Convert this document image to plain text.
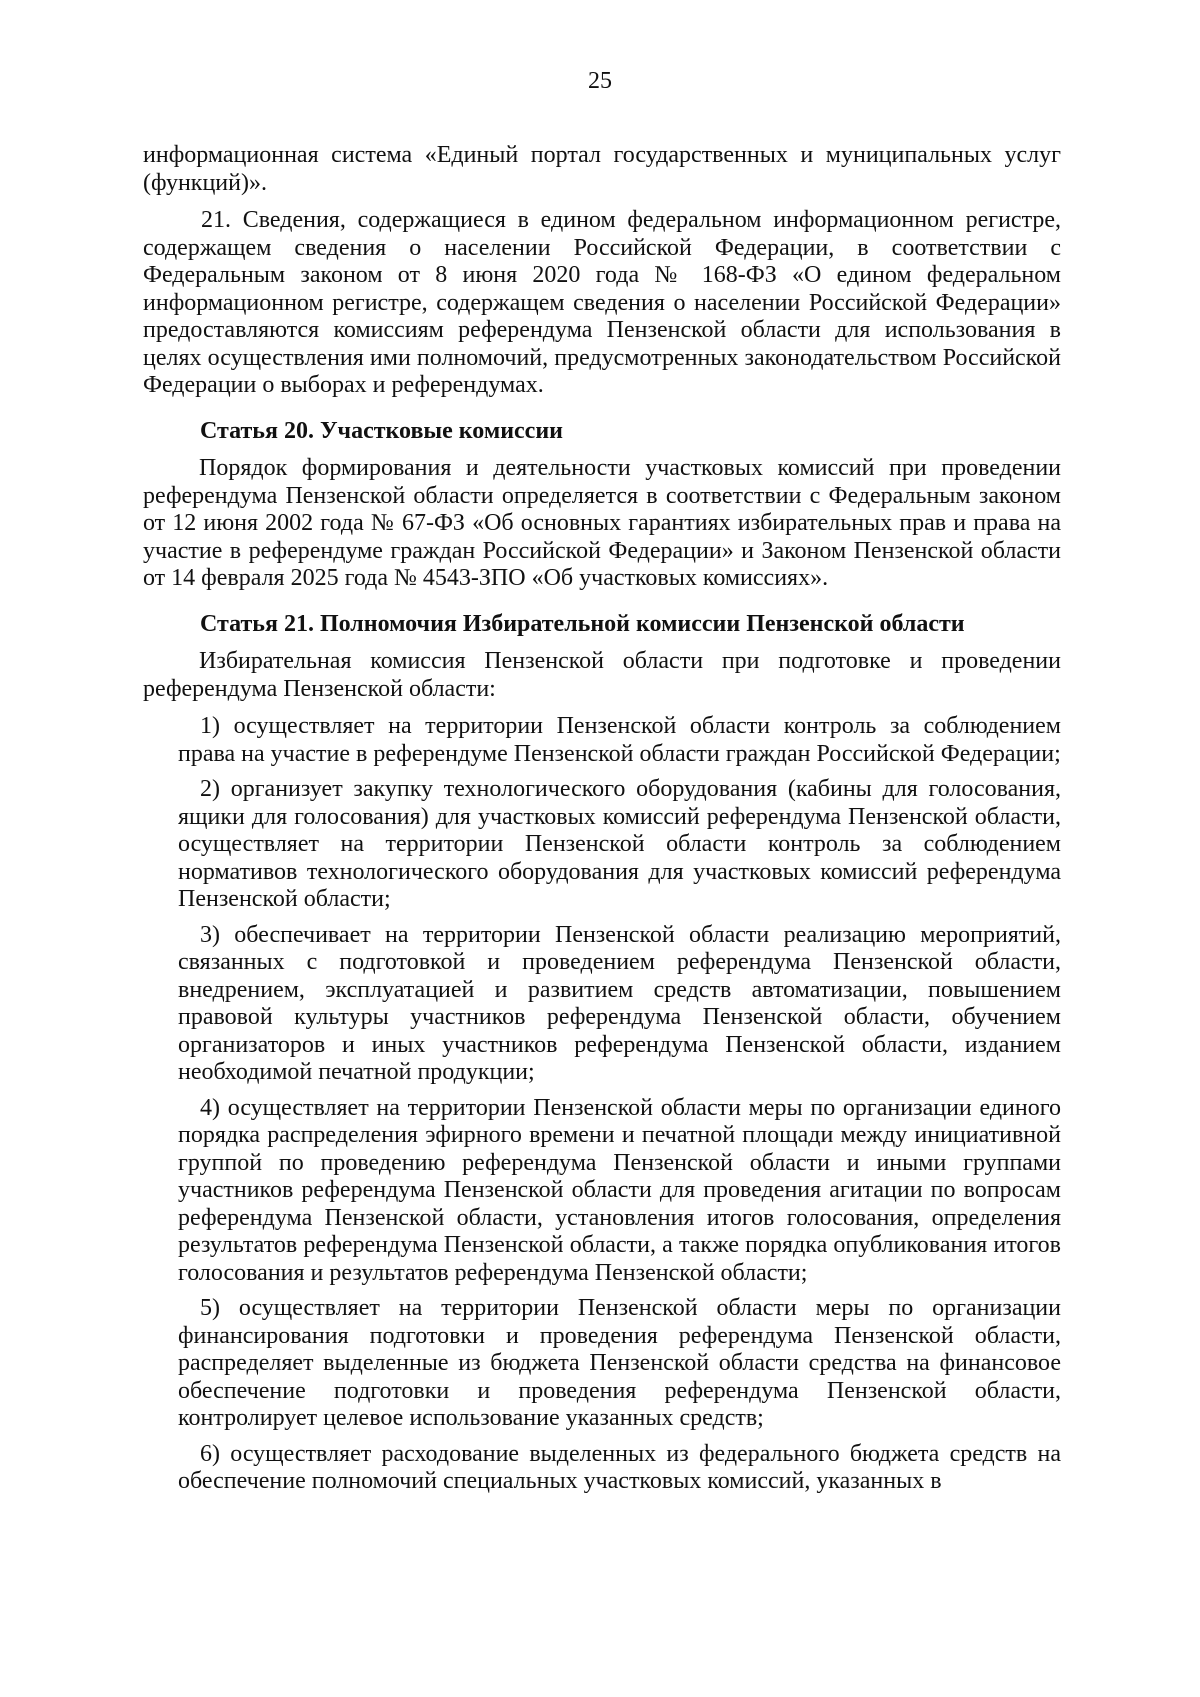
25

информационная система «Единый портал государственных и муниципальных услуг (функций)».

21. Сведения, содержащиеся в едином федеральном информационном регистре, содержащем сведения о населении Российской Федерации, в соответствии с Федеральным законом от 8 июня 2020 года № 168-ФЗ «О едином федеральном информационном регистре, содержащем сведения о населении Российской Федерации» предоставляются комиссиям референдума Пензенской области для использования в целях осуществления ими полномочий, предусмотренных законодательством Российской Федерации о выборах и референдумах.

Статья 20. Участковые комиссии

Порядок формирования и деятельности участковых комиссий при проведении референдума Пензенской области определяется в соответствии с Федеральным законом от 12 июня 2002 года № 67-ФЗ «Об основных гарантиях избирательных прав и права на участие в референдуме граждан Российской Федерации» и Законом Пензенской области от 14 февраля 2025 года № 4543-ЗПО «Об участковых комиссиях».

Статья 21. Полномочия Избирательной комиссии Пензенской области

Избирательная комиссия Пензенской области при подготовке и проведении референдума Пензенской области:

1) осуществляет на территории Пензенской области контроль за соблюдением права на участие в референдуме Пензенской области граждан Российской Федерации;

2) организует закупку технологического оборудования (кабины для голосования, ящики для голосования) для участковых комиссий референдума Пензенской области, осуществляет на территории Пензенской области контроль за соблюдением нормативов технологического оборудования для участковых комиссий референдума Пензенской области;

3) обеспечивает на территории Пензенской области реализацию мероприятий, связанных с подготовкой и проведением референдума Пензенской области, внедрением, эксплуатацией и развитием средств автоматизации, повышением правовой культуры участников референдума Пензенской области, обучением организаторов и иных участников референдума Пензенской области, изданием необходимой печатной продукции;

4) осуществляет на территории Пензенской области меры по организации единого порядка распределения эфирного времени и печатной площади между инициативной группой по проведению референдума Пензенской области и иными группами участников референдума Пензенской области для проведения агитации по вопросам референдума Пензенской области, установления итогов голосования, определения результатов референдума Пензенской области, а также порядка опубликования итогов голосования и результатов референдума Пензенской области;

5) осуществляет на территории Пензенской области меры по организации финансирования подготовки и проведения референдума Пензенской области, распределяет выделенные из бюджета Пензенской области средства на финансовое обеспечение подготовки и проведения референдума Пензенской области, контролирует целевое использование указанных средств;

6) осуществляет расходование выделенных из федерального бюджета средств на обеспечение полномочий специальных участковых комиссий, указанных в
